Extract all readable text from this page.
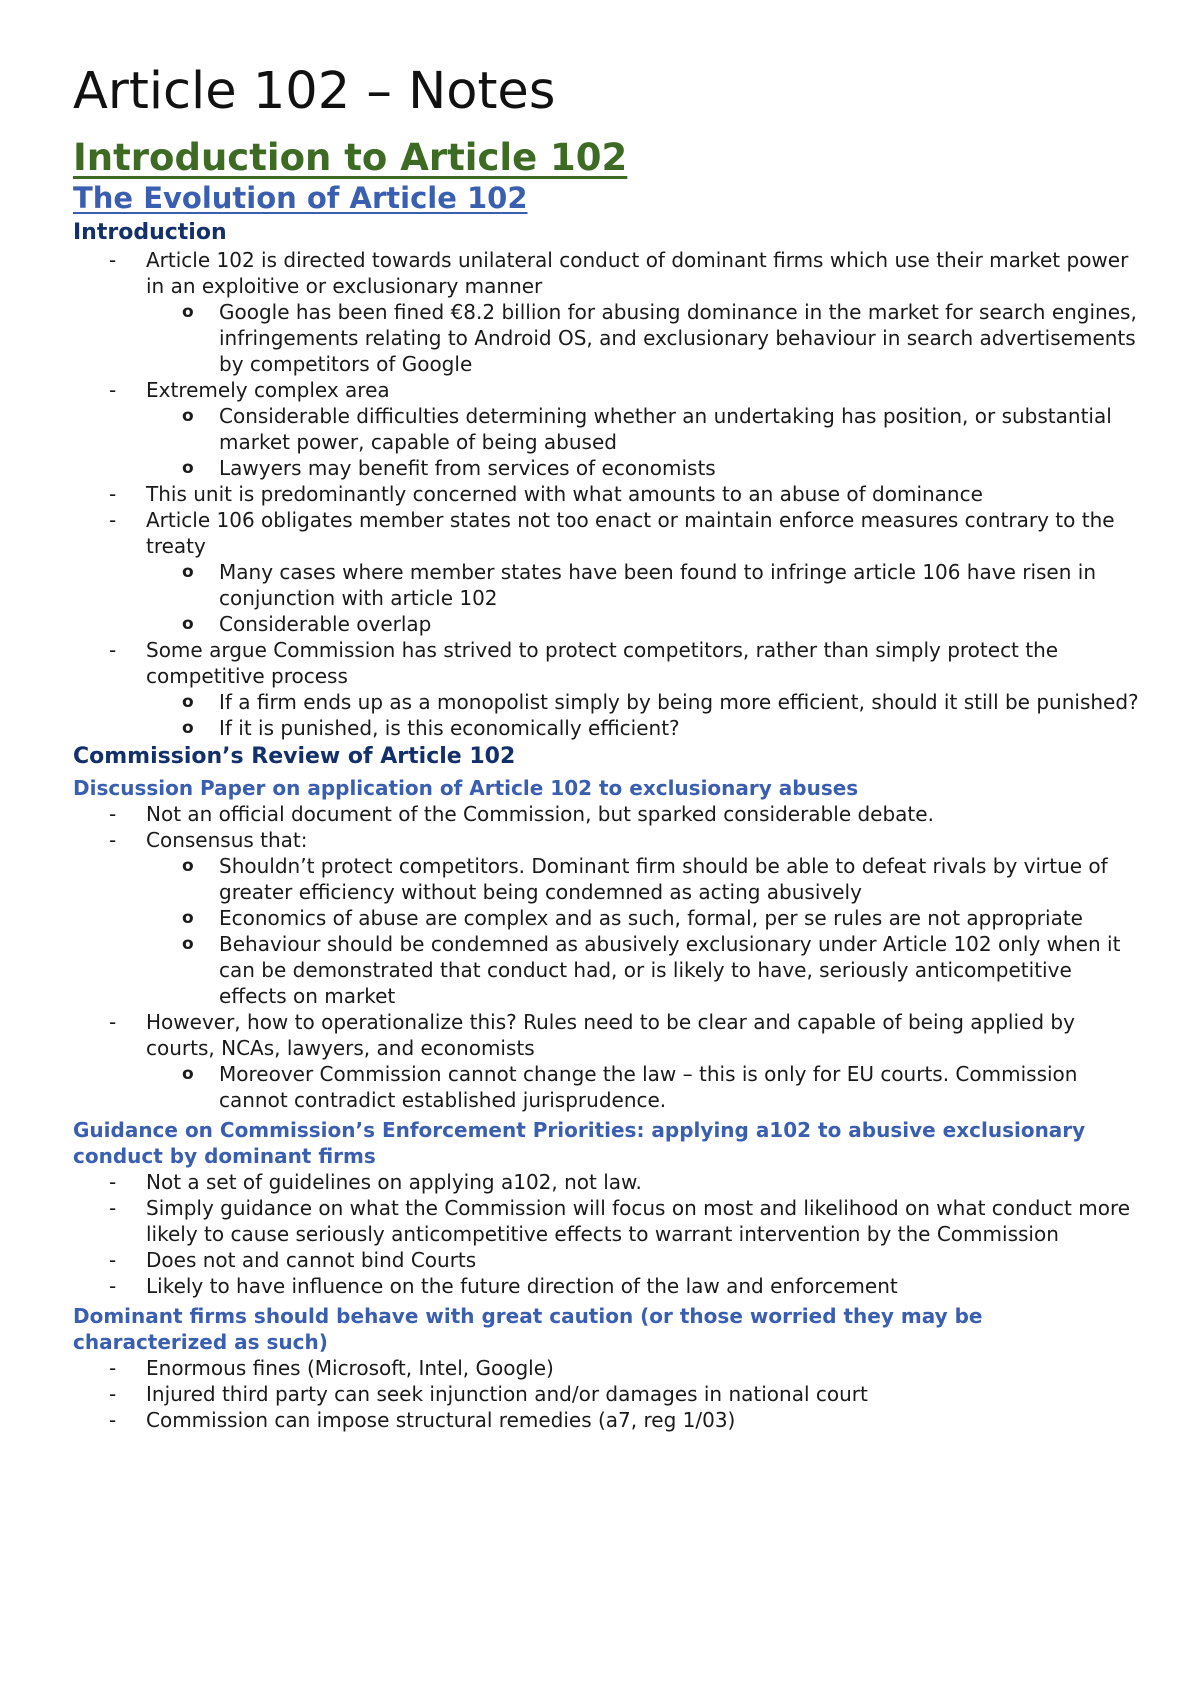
Article 102 – Notes
Introduction to Article 102
The Evolution of Article 102
Introduction
- Article 102 is directed towards unilateral conduct of dominant firms which use their market power in an exploitive or exclusionary manner
o Google has been fined €8.2 billion for abusing dominance in the market for search engines, infringements relating to Android OS, and exclusionary behaviour in search advertisements by competitors of Google
- Extremely complex area
o Considerable difficulties determining whether an undertaking has position, or substantial market power, capable of being abused
o Lawyers may benefit from services of economists
- This unit is predominantly concerned with what amounts to an abuse of dominance
- Article 106 obligates member states not too enact or maintain enforce measures contrary to the treaty
o Many cases where member states have been found to infringe article 106 have risen in conjunction with article 102
o Considerable overlap
- Some argue Commission has strived to protect competitors, rather than simply protect the competitive process
o If a firm ends up as a monopolist simply by being more efficient, should it still be punished?
o If it is punished, is this economically efficient?
Commission’s Review of Article 102
Discussion Paper on application of Article 102 to exclusionary abuses
- Not an official document of the Commission, but sparked considerable debate.
- Consensus that:
o Shouldn’t protect competitors. Dominant firm should be able to defeat rivals by virtue of greater efficiency without being condemned as acting abusively
o Economics of abuse are complex and as such, formal, per se rules are not appropriate
o Behaviour should be condemned as abusively exclusionary under Article 102 only when it can be demonstrated that conduct had, or is likely to have, seriously anticompetitive effects on market
- However, how to operationalize this? Rules need to be clear and capable of being applied by courts, NCAs, lawyers, and economists
o Moreover Commission cannot change the law – this is only for EU courts. Commission cannot contradict established jurisprudence.
Guidance on Commission’s Enforcement Priorities: applying a102 to abusive exclusionary conduct by dominant firms
- Not a set of guidelines on applying a102, not law.
- Simply guidance on what the Commission will focus on most and likelihood on what conduct more likely to cause seriously anticompetitive effects to warrant intervention by the Commission
- Does not and cannot bind Courts
- Likely to have influence on the future direction of the law and enforcement
Dominant firms should behave with great caution (or those worried they may be characterized as such)
- Enormous fines (Microsoft, Intel, Google)
- Injured third party can seek injunction and/or damages in national court
- Commission can impose structural remedies (a7, reg 1/03)
